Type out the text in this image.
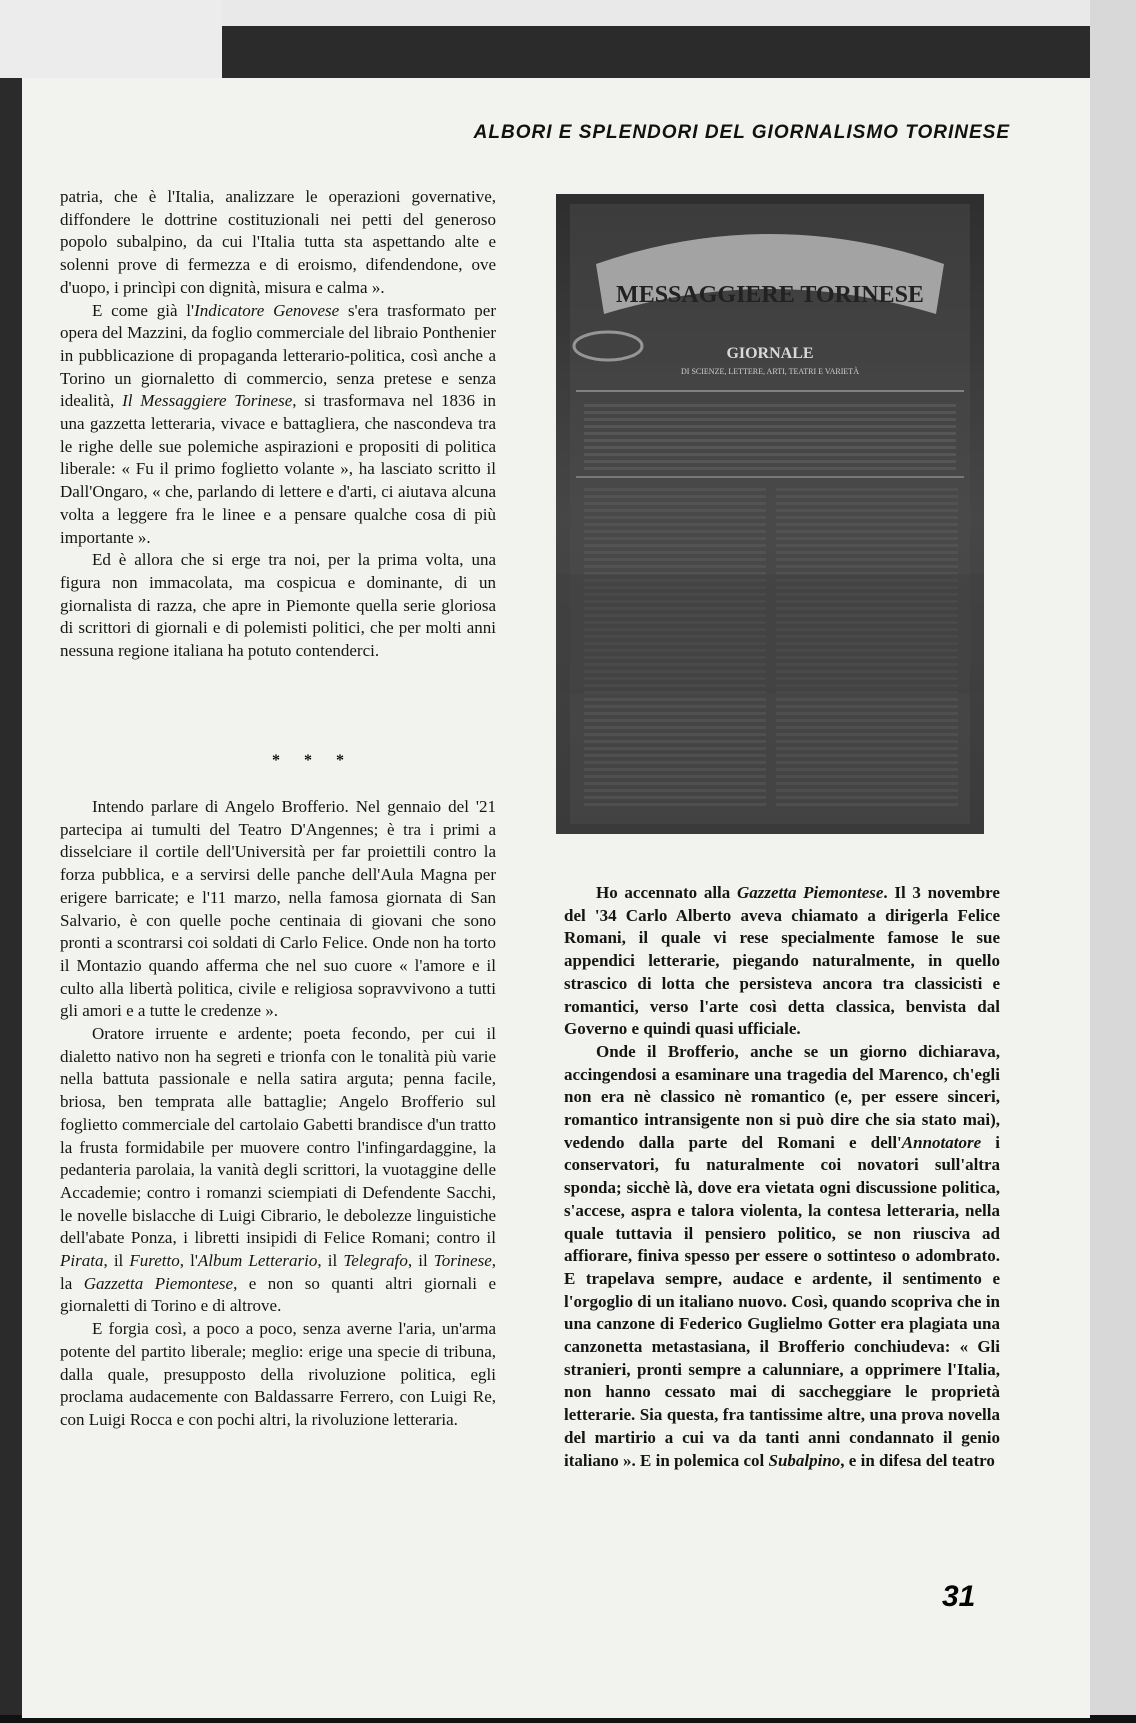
ALBORI E SPLENDORI DEL GIORNALISMO TORINESE

patria, che è l'Italia, analizzare le operazioni governative, diffondere le dottrine costituzionali nei petti del generoso popolo subalpino, da cui l'Italia tutta sta aspettando alte e solenni prove di fermezza e di eroismo, difendendone, ove d'uopo, i princìpi con dignità, misura e calma ».

E come già l'Indicatore Genovese s'era trasformato per opera del Mazzini, da foglio commerciale del libraio Ponthenier in pubblicazione di propaganda letterario-politica, così anche a Torino un giornaletto di commercio, senza pretese e senza idealità, Il Messaggiere Torinese, si trasformava nel 1836 in una gazzetta letteraria, vivace e battagliera, che nascondeva tra le righe delle sue polemiche aspirazioni e propositi di politica liberale: « Fu il primo foglietto volante », ha lasciato scritto il Dall'Ongaro, « che, parlando di lettere e d'arti, ci aiutava alcuna volta a leggere fra le linee e a pensare qualche cosa di più importante ».

Ed è allora che si erge tra noi, per la prima volta, una figura non immacolata, ma cospicua e dominante, di un giornalista di razza, che apre in Piemonte quella serie gloriosa di scrittori di giornali e di polemisti politici, che per molti anni nessuna regione italiana ha potuto contenderci.

* * *

Intendo parlare di Angelo Brofferio. Nel gennaio del '21 partecipa ai tumulti del Teatro D'Angennes; è tra i primi a disselciare il cortile dell'Università per far proiettili contro la forza pubblica, e a servirsi delle panche dell'Aula Magna per erigere barricate; e l'11 marzo, nella famosa giornata di San Salvario, è con quelle poche centinaia di giovani che sono pronti a scontrarsi coi soldati di Carlo Felice. Onde non ha torto il Montazio quando afferma che nel suo cuore « l'amore e il culto alla libertà politica, civile e religiosa sopravvivono a tutti gli amori e a tutte le credenze ».

Oratore irruente e ardente; poeta fecondo, per cui il dialetto nativo non ha segreti e trionfa con le tonalità più varie nella battuta passionale e nella satira arguta; penna facile, briosa, ben temprata alle battaglie; Angelo Brofferio sul foglietto commerciale del cartolaio Gabetti brandisce d'un tratto la frusta formidabile per muovere contro l'infingardaggine, la pedanteria parolaia, la vanità degli scrittori, la vuotaggine delle Accademie; contro i romanzi sciempiati di Defendente Sacchi, le novelle bislacche di Luigi Cibrario, le debolezze linguistiche dell'abate Ponza, i libretti insipidi di Felice Romani; contro il Pirata, il Furetto, l'Album Letterario, il Telegrafo, il Torinese, la Gazzetta Piemontese, e non so quanti altri giornali e giornaletti di Torino e di altrove.

E forgia così, a poco a poco, senza averne l'aria, un'arma potente del partito liberale; meglio: erige una specie di tribuna, dalla quale, presupposto della rivoluzione politica, egli proclama audacemente con Baldassarre Ferrero, con Luigi Re, con Luigi Rocca e con pochi altri, la rivoluzione letteraria.

MESSAGGIERE TORINESE
GIORNALE
DI SCIENZE, LETTERE, ARTI, TEATRI E VARIETÀ

Ho accennato alla Gazzetta Piemontese. Il 3 novembre del '34 Carlo Alberto aveva chiamato a dirigerla Felice Romani, il quale vi rese specialmente famose le sue appendici letterarie, piegando naturalmente, in quello strascico di lotta che persisteva ancora tra classicisti e romantici, verso l'arte così detta classica, benvista dal Governo e quindi quasi ufficiale.

Onde il Brofferio, anche se un giorno dichiarava, accingendosi a esaminare una tragedia del Marenco, ch'egli non era nè classico nè romantico (e, per essere sinceri, romantico intransigente non si può dire che sia stato mai), vedendo dalla parte del Romani e dell'Annotatore i conservatori, fu naturalmente coi novatori sull'altra sponda; sicchè là, dove era vietata ogni discussione politica, s'accese, aspra e talora violenta, la contesa letteraria, nella quale tuttavia il pensiero politico, se non riusciva ad affiorare, finiva spesso per essere o sottinteso o adombrato. E trapelava sempre, audace e ardente, il sentimento e l'orgoglio di un italiano nuovo. Così, quando scopriva che in una canzone di Federico Guglielmo Gotter era plagiata una canzonetta metastasiana, il Brofferio conchiudeva: « Gli stranieri, pronti sempre a calunniare, a opprimere l'Italia, non hanno cessato mai di saccheggiare le proprietà letterarie. Sia questa, fra tantissime altre, una prova novella del martirio a cui va da tanti anni condannato il genio italiano ». E in polemica col Subalpino, e in difesa del teatro

31
